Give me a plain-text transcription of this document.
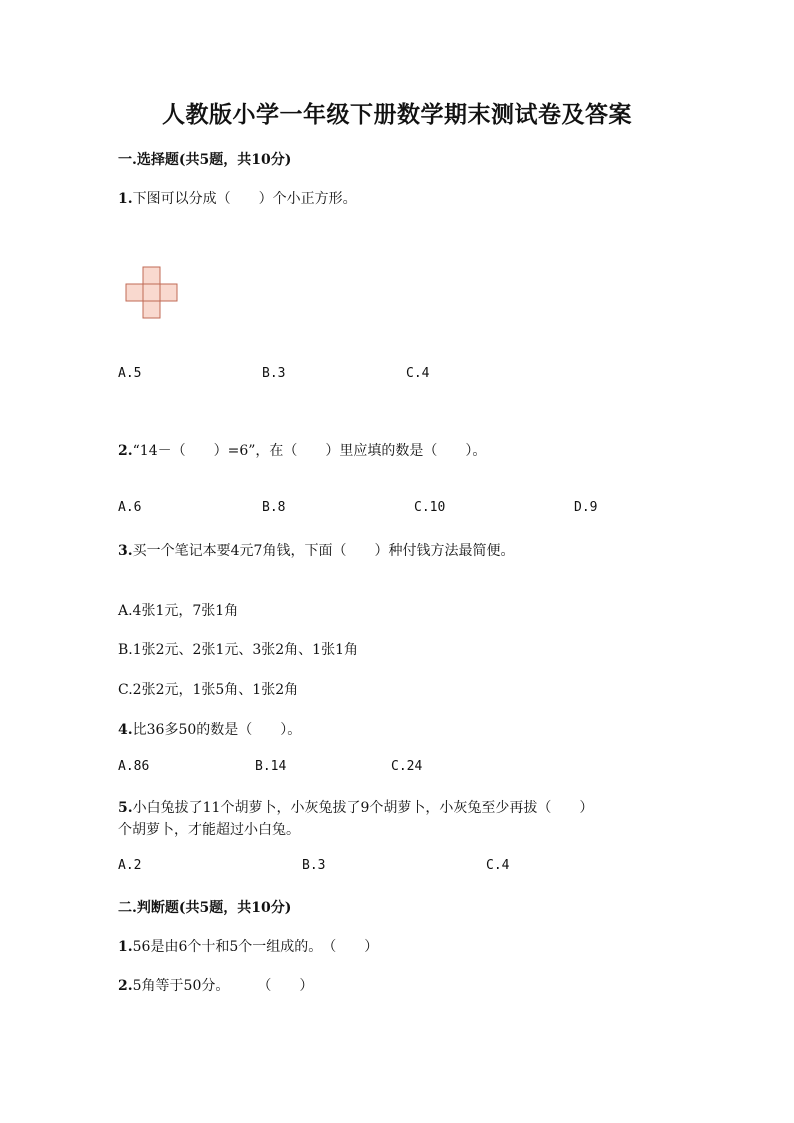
人教版小学一年级下册数学期末测试卷及答案
一.选择题(共5题，共10分)
1.下图可以分成（　　）个小正方形。
A.5	B.3	C.4
2.“14－（　　）=6”，在（　　）里应填的数是（　　）。
A.6	B.8	C.10	D.9
3.买一个笔记本要4元7角钱，下面（　　）种付钱方法最简便。
A.4张1元，7张1角
B.1张2元、2张1元、3张2角、1张1角
C.2张2元，1张5角、1张2角
4.比36多50的数是（　　）。
A.86	B.14	C.24
5.小白兔拔了11个胡萝卜，小灰兔拔了9个胡萝卜，小灰兔至少再拔（　　）
个胡萝卜，才能超过小白兔。
A.2	B.3	C.4
二.判断题(共5题，共10分)
1.56是由6个十和5个一组成的。　（　　）
2.5角等于50分。　　　（　　）
